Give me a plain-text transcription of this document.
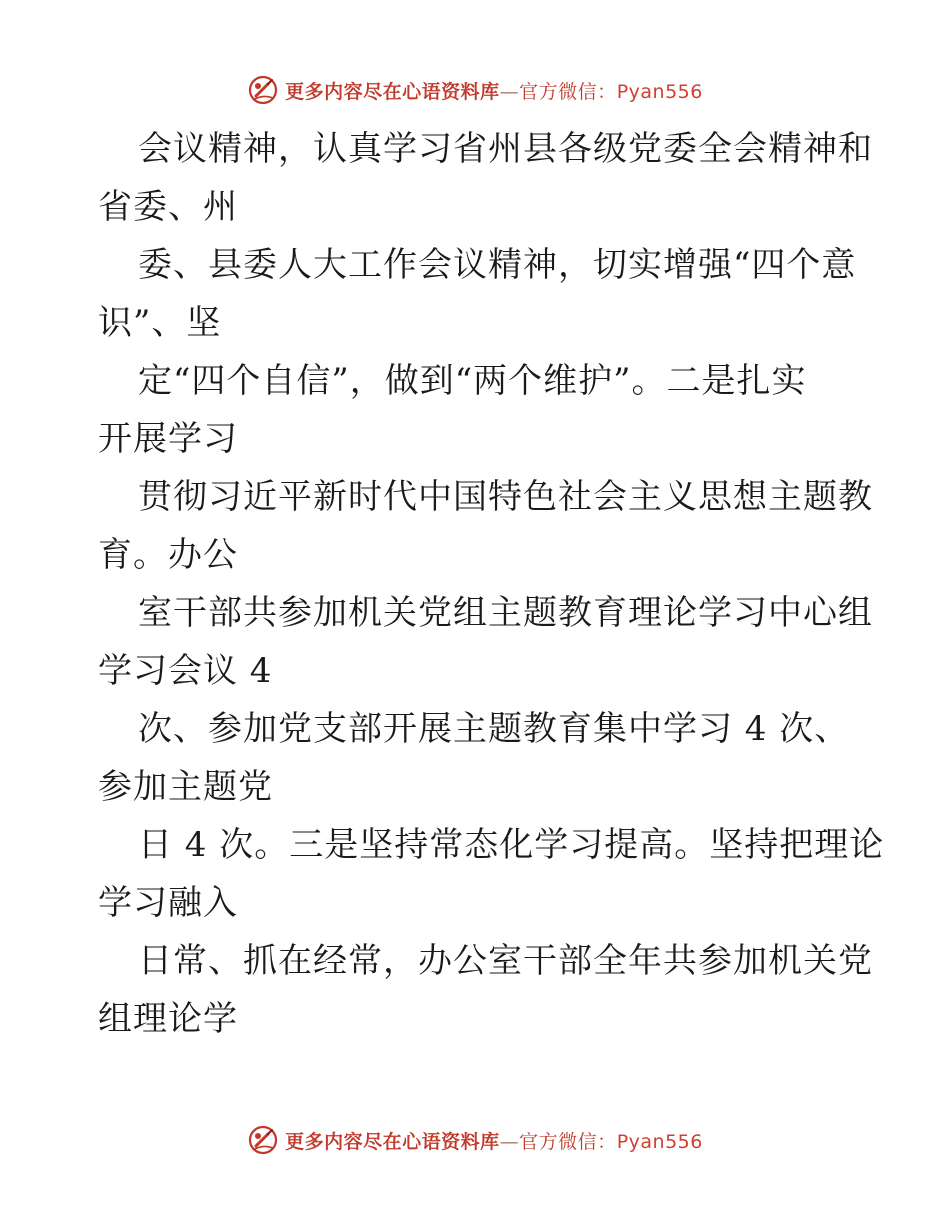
更多内容尽在心语资料库—官方微信：Pyan556
会议精神，认真学习省州县各级党委全会精神和
省委、州
委、县委人大工作会议精神，切实增强“四个意
识”、坚
定“四个自信”，做到“两个维护”。二是扎实
开展学习
贯彻习近平新时代中国特色社会主义思想主题教
育。办公
室干部共参加机关党组主题教育理论学习中心组
学习会议 4
次、参加党支部开展主题教育集中学习 4 次、
参加主题党
日 4 次。三是坚持常态化学习提高。坚持把理论
学习融入
日常、抓在经常，办公室干部全年共参加机关党
组理论学
更多内容尽在心语资料库—官方微信：Pyan556
